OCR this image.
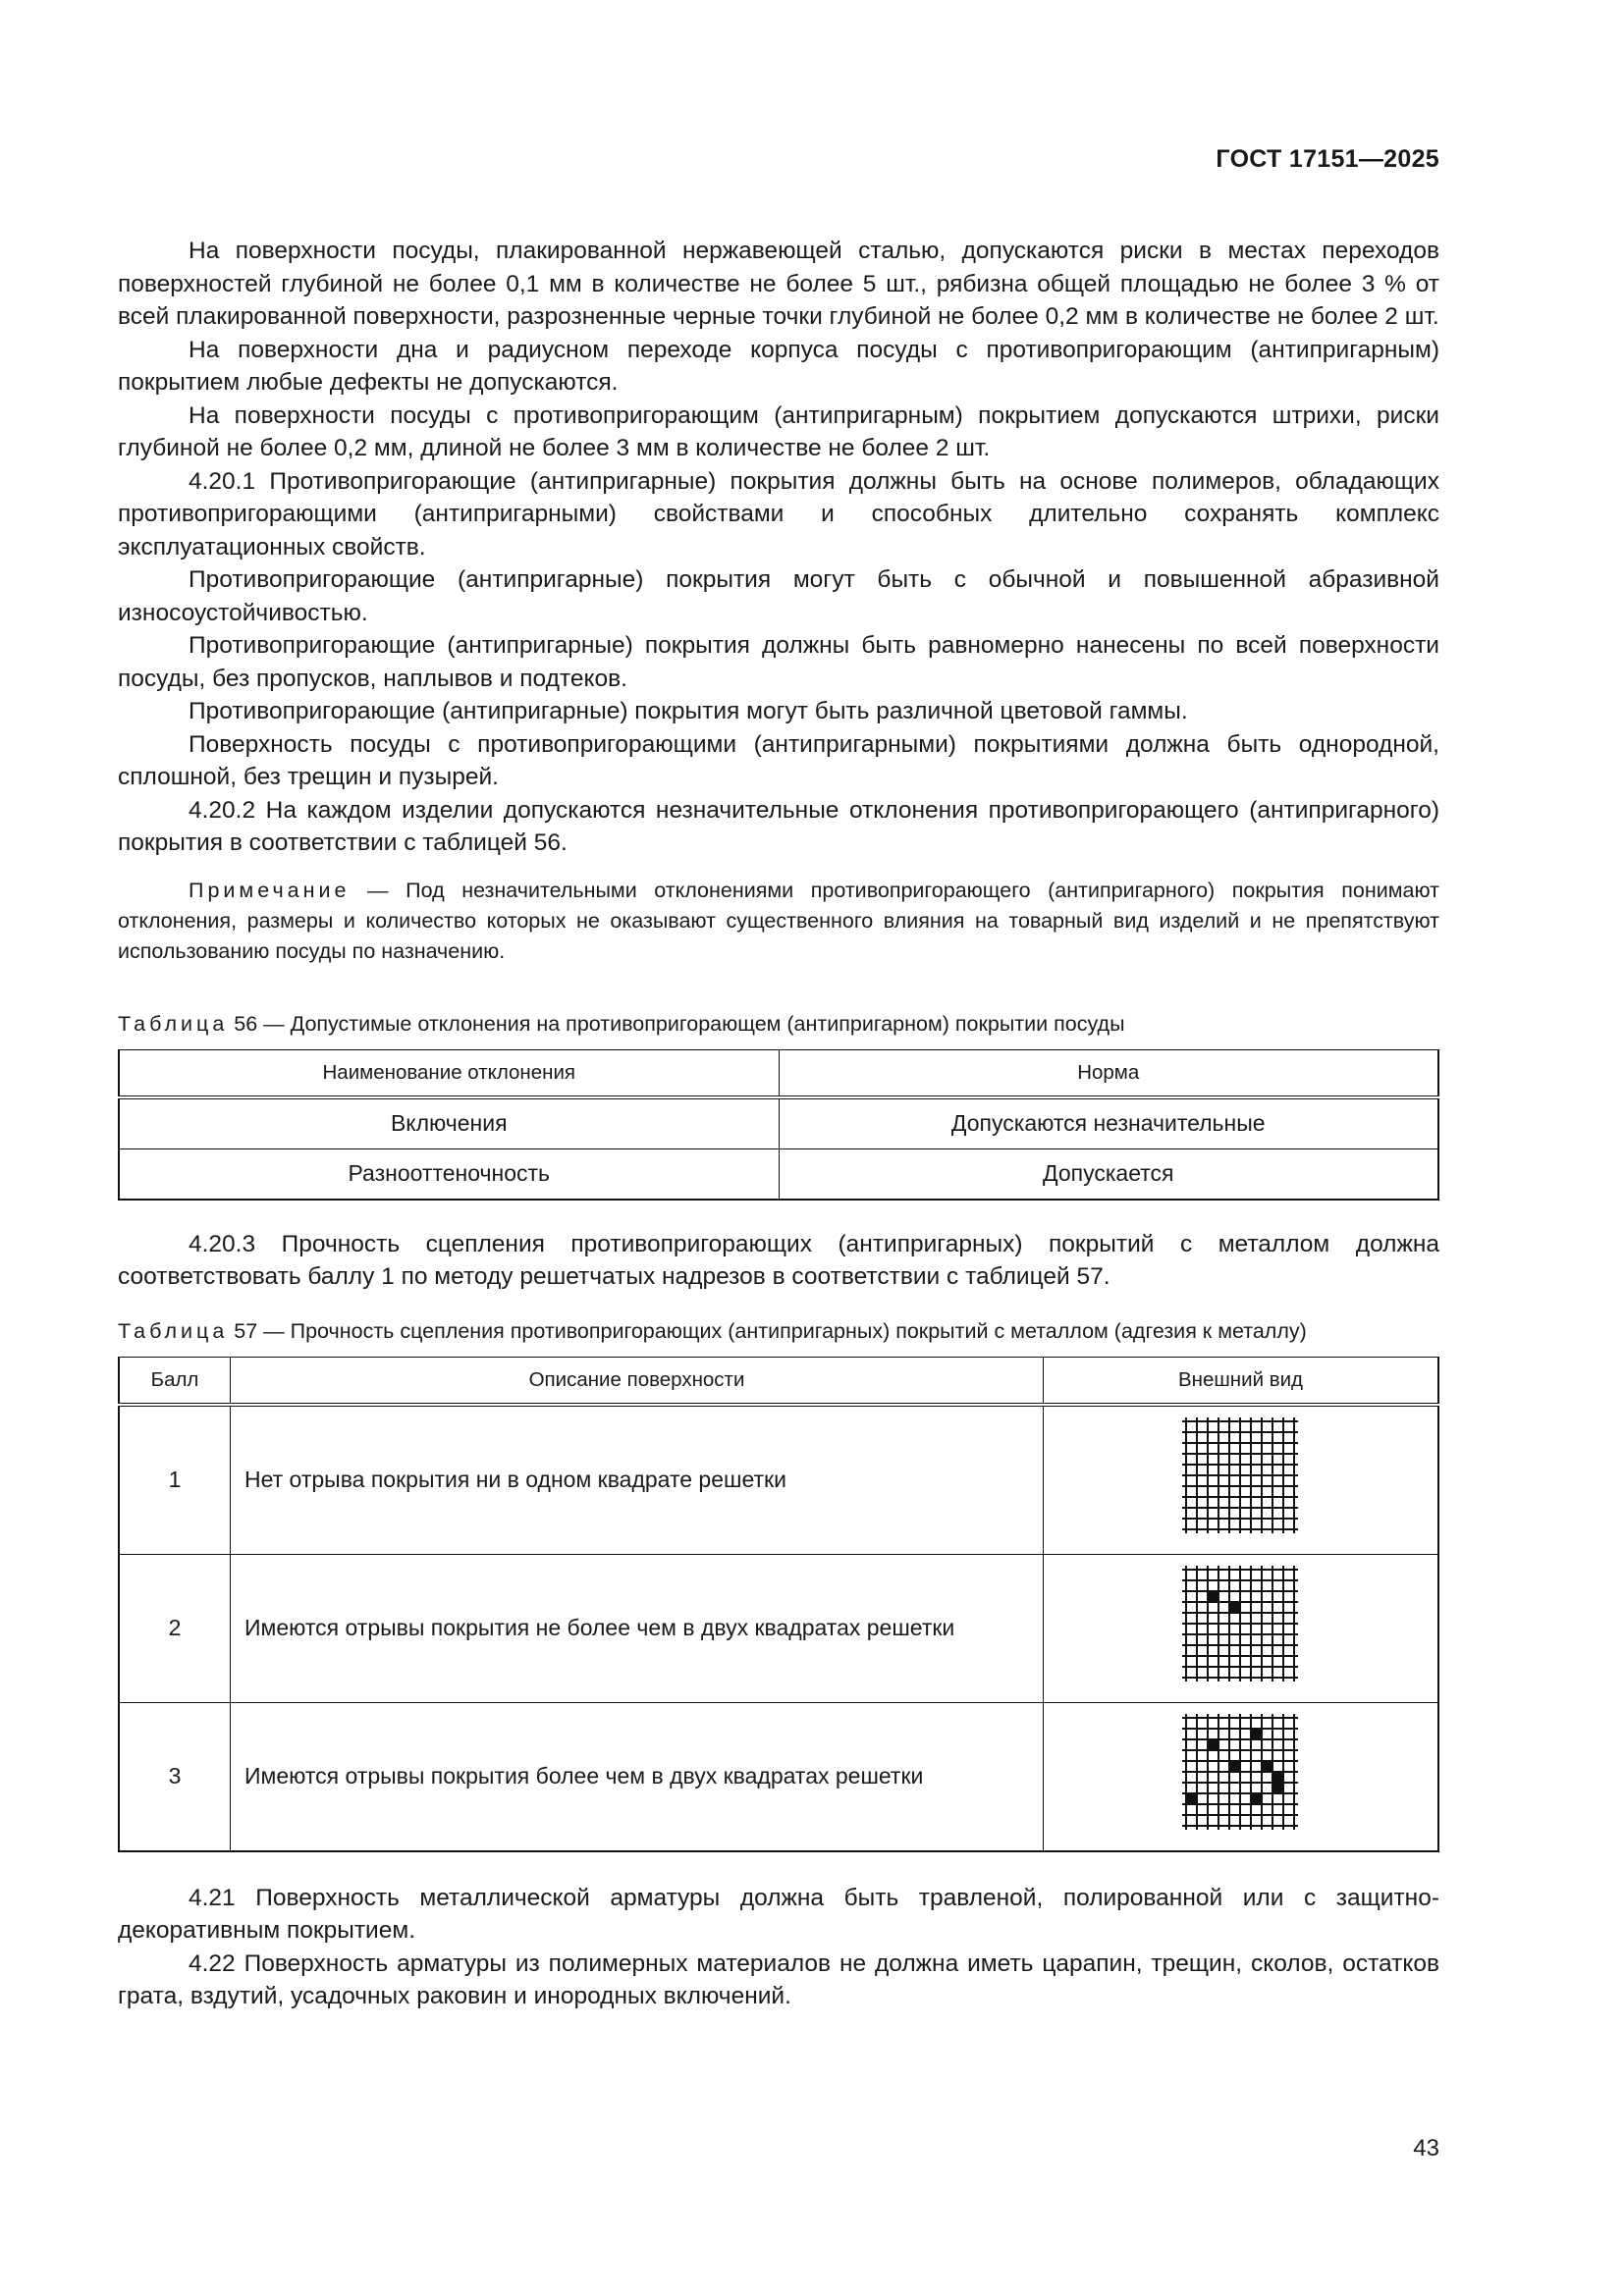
ГОСТ 17151—2025

На поверхности посуды, плакированной нержавеющей сталью, допускаются риски в местах переходов поверхностей глубиной не более 0,1 мм в количестве не более 5 шт., рябизна общей площадью не более 3 % от всей плакированной поверхности, разрозненные черные точки глубиной не более 0,2 мм в количестве не более 2 шт.

На поверхности дна и радиусном переходе корпуса посуды с противопригорающим (антипригарным) покрытием любые дефекты не допускаются.

На поверхности посуды с противопригорающим (антипригарным) покрытием допускаются штрихи, риски глубиной не более 0,2 мм, длиной не более 3 мм в количестве не более 2 шт.

4.20.1 Противопригорающие (антипригарные) покрытия должны быть на основе полимеров, обладающих противопригорающими (антипригарными) свойствами и способных длительно сохранять комплекс эксплуатационных свойств.

Противопригорающие (антипригарные) покрытия могут быть с обычной и повышенной абразивной износоустойчивостью.

Противопригорающие (антипригарные) покрытия должны быть равномерно нанесены по всей поверхности посуды, без пропусков, наплывов и подтеков.

Противопригорающие (антипригарные) покрытия могут быть различной цветовой гаммы.

Поверхность посуды с противопригорающими (антипригарными) покрытиями должна быть однородной, сплошной, без трещин и пузырей.

4.20.2 На каждом изделии допускаются незначительные отклонения противопригорающего (антипригарного) покрытия в соответствии с таблицей 56.

Примечание — Под незначительными отклонениями противопригорающего (антипригарного) покрытия понимают отклонения, размеры и количество которых не оказывают существенного влияния на товарный вид изделий и не препятствуют использованию посуды по назначению.

Таблица 56 — Допустимые отклонения на противопригорающем (антипригарном) покрытии посуды
Наименование отклонения	Норма
Включения	Допускаются незначительные
Разнооттеночность	Допускается

4.20.3 Прочность сцепления противопригорающих (антипригарных) покрытий с металлом должна соответствовать баллу 1 по методу решетчатых надрезов в соответствии с таблицей 57.

Таблица 57 — Прочность сцепления противопригорающих (антипригарных) покрытий с металлом (адгезия к металлу)
Балл	Описание поверхности	Внешний вид
1	Нет отрыва покрытия ни в одном квадрате решетки	
2	Имеются отрывы покрытия не более чем в двух квадратах решетки	
3	Имеются отрывы покрытия более чем в двух квадратах решетки	

4.21 Поверхность металлической арматуры должна быть травленой, полированной или с защитно-декоративным покрытием.

4.22 Поверхность арматуры из полимерных материалов не должна иметь царапин, трещин, сколов, остатков грата, вздутий, усадочных раковин и инородных включений.

43
